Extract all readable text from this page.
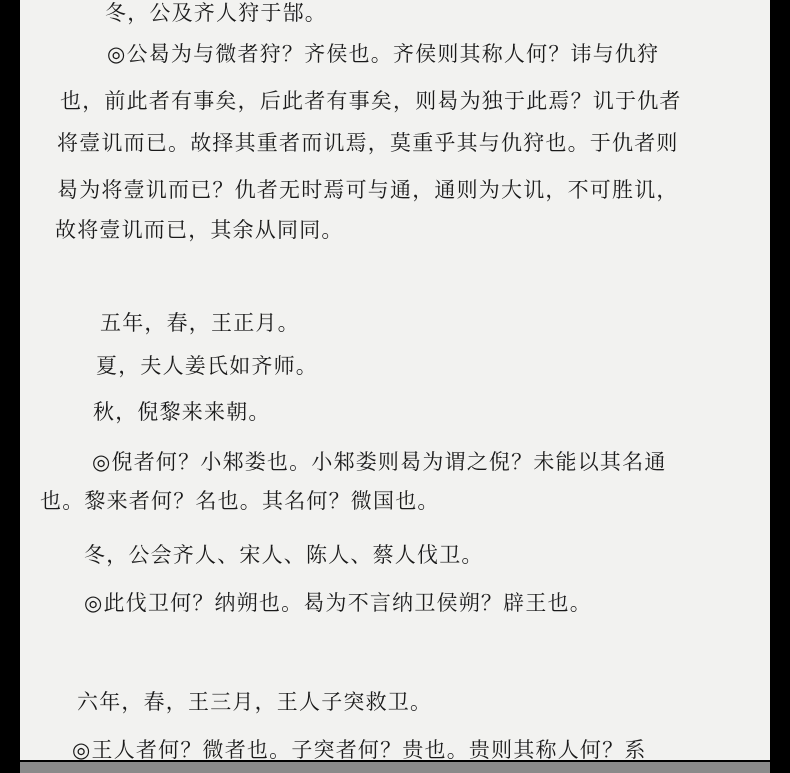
冬，公及齐人狩于郜。
◎公曷为与微者狩？齐侯也。齐侯则其称人何？讳与仇狩
也，前此者有事矣，后此者有事矣，则曷为独于此焉？讥于仇者
将壹讥而已。故择其重者而讥焉，莫重乎其与仇狩也。于仇者则
曷为将壹讥而已？仇者无时焉可与通，通则为大讥，不可胜讥，
故将壹讥而已，其余从同同。
五年，春，王正月。
夏，夫人姜氏如齐师。
秋，倪黎来来朝。
◎倪者何？小邾娄也。小邾娄则曷为谓之倪？未能以其名通
也。黎来者何？名也。其名何？微国也。
冬，公会齐人、宋人、陈人、蔡人伐卫。
◎此伐卫何？纳朔也。曷为不言纳卫侯朔？辟王也。
六年，春，王三月，王人子突救卫。
◎王人者何？微者也。子突者何？贵也。贵则其称人何？系
